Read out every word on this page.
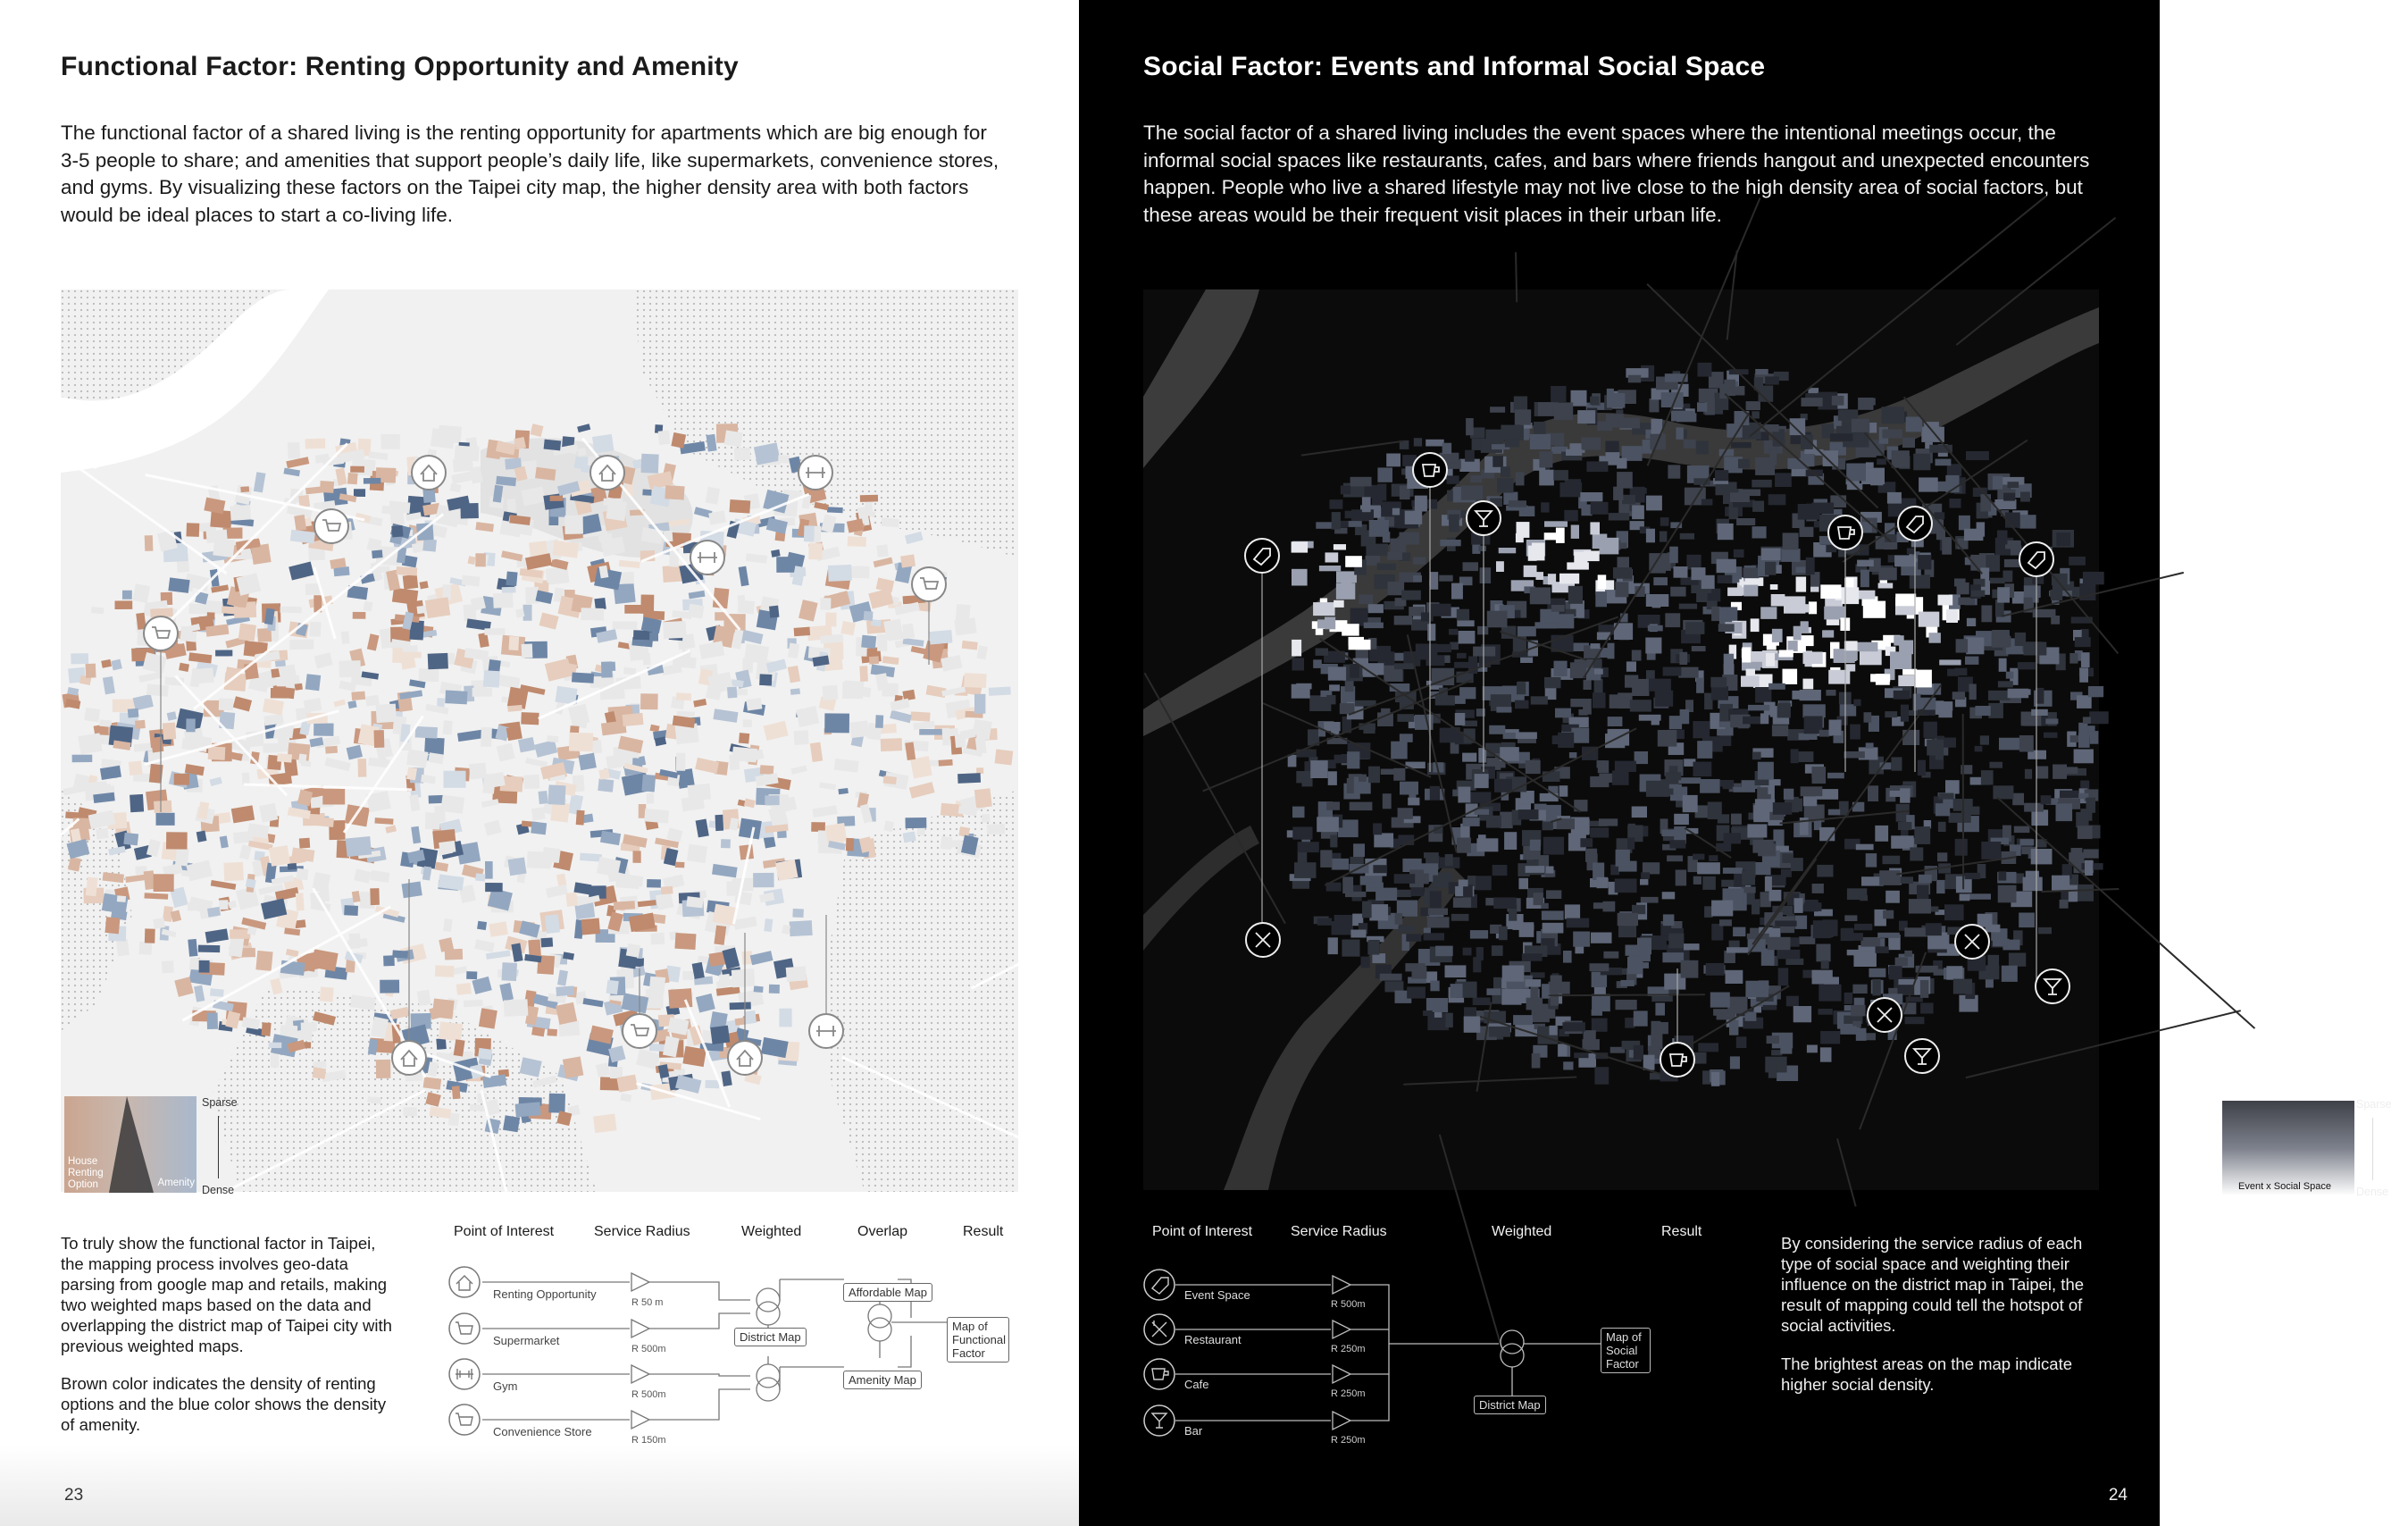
Functional Factor: Renting Opportunity and Amenity

The functional factor of a shared living is the renting opportunity for apartments which are big enough for 3-5 people to share; and amenities that support people’s daily life, like supermarkets, convenience stores, and gyms. By visualizing these factors on the Taipei city map, the higher density area with both factors would be ideal places to start a co-living life.

House Renting Option	Amenity
Sparse
Dense

To truly show the functional factor in Taipei, the mapping process involves geo-data parsing from google map and retails, making two weighted maps based on the data and overlapping the district map of Taipei city with previous weighted maps.

Brown color indicates the density of renting options and the blue color shows the density of amenity.

Point of Interest	Service Radius	Weighted	Overlap	Result
Renting Opportunity
Supermarket
Gym
Convenience Store
R 50 m
R 500m
R 500m
R 150m
District Map
Affordable Map
Amenity Map
Map of Functional Factor
23
Social Factor: Events and Informal Social Space

The social factor of a shared living includes the event spaces where the intentional meetings occur, the informal social spaces like restaurants, cafes, and bars where friends hangout and unexpected encounters happen. People who live a shared lifestyle may not live close to the high density area of social factors, but these areas would be their frequent visit places in their urban life.

Event x Social Space
Sparse
Dense
Point of Interest	Service Radius	Weighted	Result
Event Space
Restaurant
Cafe
Bar
R 500m
R 250m
R 250m
R 250m
District Map
Map of Social Factor

By considering the service radius of each type of social space and weighting their influence on the district map in Taipei, the result of mapping could tell the hotspot of social activities.

The brightest areas on the map indicate higher social density.

24
